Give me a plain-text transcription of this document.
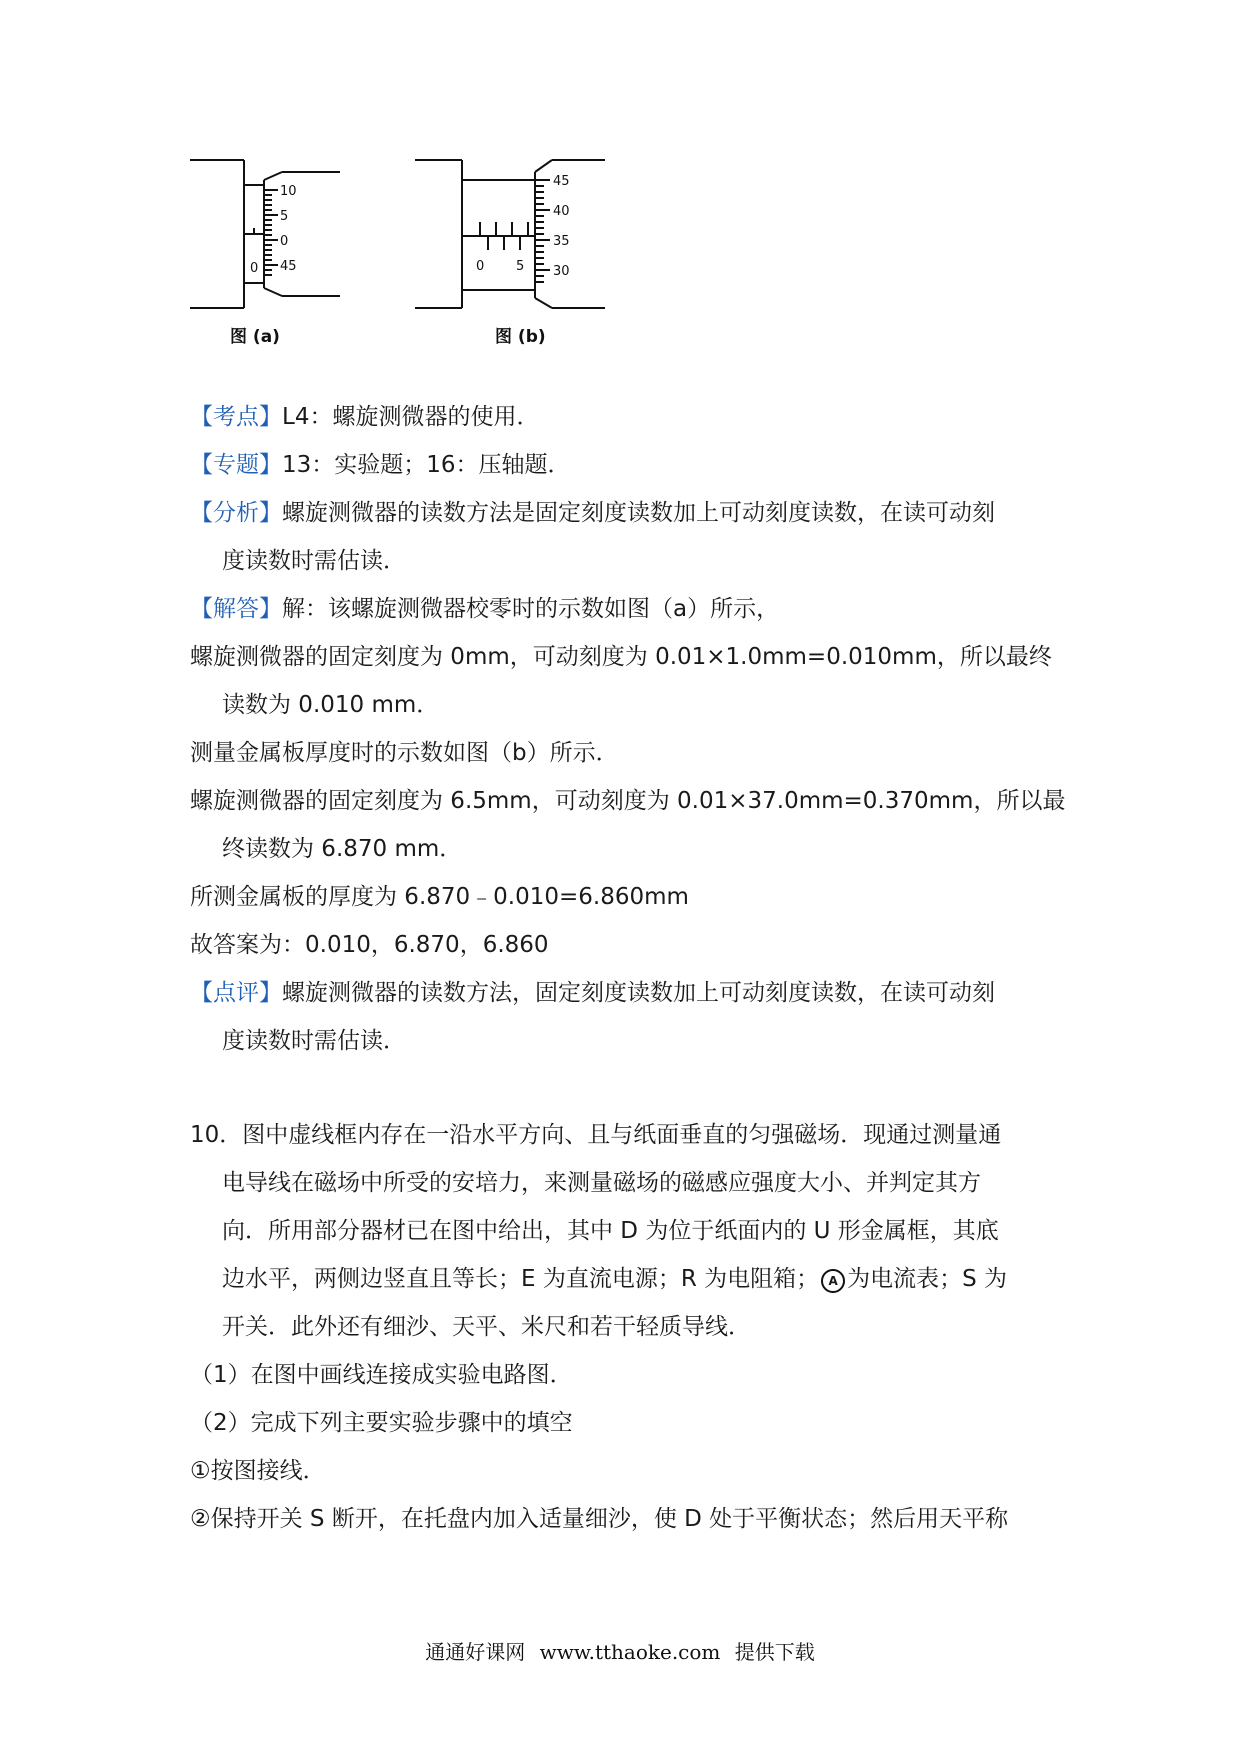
10
5
0
45
0
图 (a)
45
40
35
30
0 5
图 (b)
【考点】L4：螺旋测微器的使用．
【专题】13：实验题；16：压轴题．
【分析】螺旋测微器的读数方法是固定刻度读数加上可动刻度读数，在读可动刻
度读数时需估读．
【解答】解：该螺旋测微器校零时的示数如图（a）所示，
螺旋测微器的固定刻度为 0mm，可动刻度为 0.01×1.0mm=0.010mm，所以最终
读数为 0.010 mm．
测量金属板厚度时的示数如图（b）所示．
螺旋测微器的固定刻度为 6.5mm，可动刻度为 0.01×37.0mm=0.370mm，所以最
终读数为 6.870 mm．
所测金属板的厚度为 6.870﹣0.010=6.860mm
故答案为：0.010，6.870，6.860
【点评】螺旋测微器的读数方法，固定刻度读数加上可动刻度读数，在读可动刻
度读数时需估读．
10．图中虚线框内存在一沿水平方向、且与纸面垂直的匀强磁场．现通过测量通
电导线在磁场中所受的安培力，来测量磁场的磁感应强度大小、并判定其方
向．所用部分器材已在图中给出，其中 D 为位于纸面内的 U 形金属框，其底
边水平，两侧边竖直且等长；E 为直流电源；R 为电阻箱； A 为电流表；S 为
开关．此外还有细沙、天平、米尺和若干轻质导线．
（1）在图中画线连接成实验电路图．
（2）完成下列主要实验步骤中的填空
①按图接线．
②保持开关 S 断开，在托盘内加入适量细沙，使 D 处于平衡状态；然后用天平称
通通好课网 www.tthaoke.com 提供下载
